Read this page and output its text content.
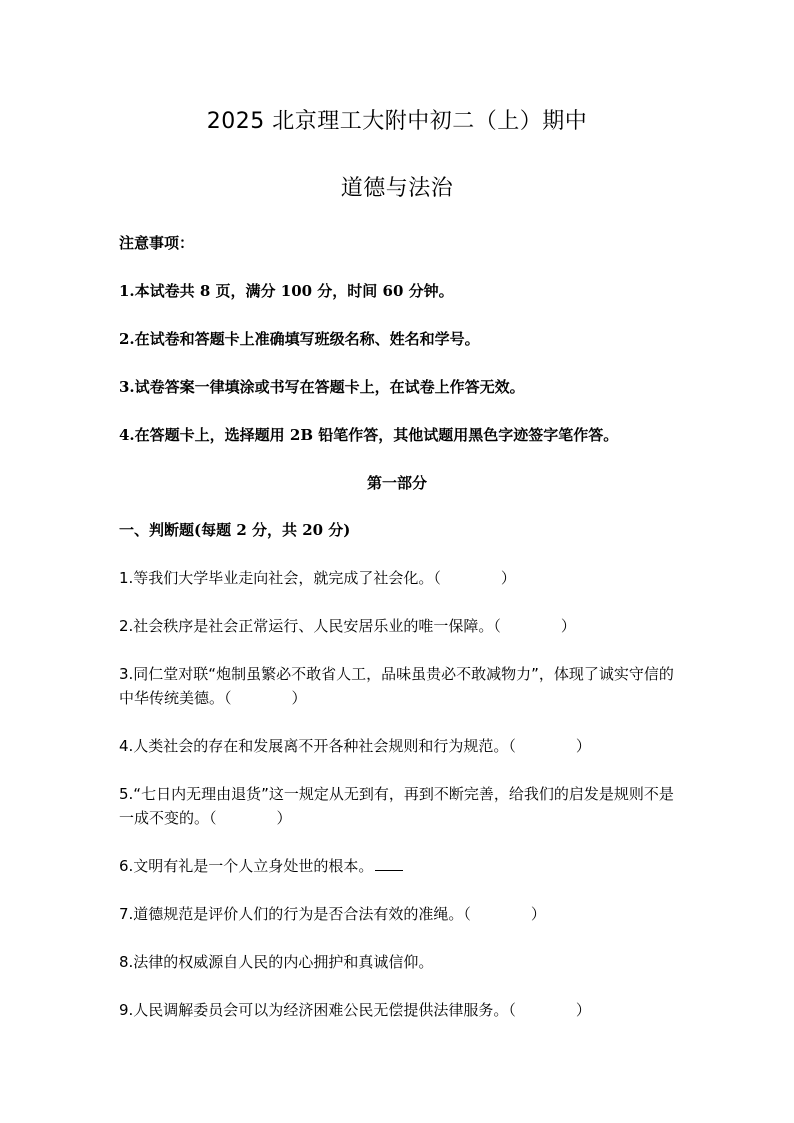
2025 北京理工大附中初二（上）期中
道德与法治

注意事项：

1.本试卷共 8 页，满分 100 分，时间 60 分钟。

2.在试卷和答题卡上准确填写班级名称、姓名和学号。

3.试卷答案一律填涂或书写在答题卡上，在试卷上作答无效。

4.在答题卡上，选择题用 2B 铅笔作答，其他试题用黑色字迹签字笔作答。

第一部分

一、判断题(每题 2 分，共 20 分)

1.等我们大学毕业走向社会，就完成了社会化。（　　　　）

2.社会秩序是社会正常运行、人民安居乐业的唯一保障。（　　　　）

3.同仁堂对联“炮制虽繁必不敢省人工，品味虽贵必不敢减物力”，体现了诚实守信的中华传统美德。（　　　　）

4.人类社会的存在和发展离不开各种社会规则和行为规范。（　　　　）

5.“七日内无理由退货”这一规定从无到有，再到不断完善，给我们的启发是规则不是一成不变的。（　　　　）

6.文明有礼是一个人立身处世的根本。

7.道德规范是评价人们的行为是否合法有效的准绳。（　　　　）

8.法律的权威源自人民的内心拥护和真诚信仰。

9.人民调解委员会可以为经济困难公民无偿提供法律服务。（　　　　）
